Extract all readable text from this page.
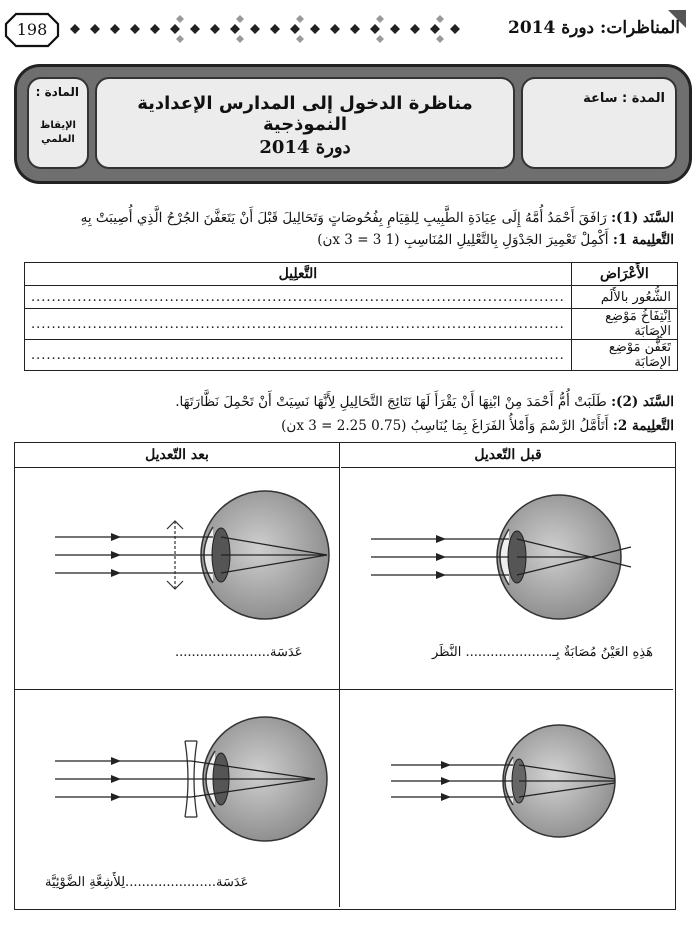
198	المناظرات: دورة 2014
المادة :
الإيقاظ العلمي
مناظرة الدخول إلى المدارس الإعدادية النموذجية
دورة 2014
المدة : ساعة
السَّنَد (1): رَافَقَ أَحْمَدُ أُمَّهُ إِلَى عِيَادَةِ الطَّبِيبِ لِلقِيَامِ بِفُحُوصَاتٍ وَتَحَالِيلَ قَبْلَ أَنْ يَتَعَفَّنَ الجُرْحُ الَّذِي أُصِيبَتْ بِهِ
التَّعلِيمة 1: أَكْمِلْ تَعْمِيرَ الجَدْوَلِ بِالتَّعْلِيلِ المُنَاسِبِ (1 x 3 = 3ن)
الأَعْرَاض	التَّعلِيل
الشُّعُور بالأَلَم	........................................................................................................
اِنْتِفَاخُ مَوْضِع الإصَابَة	........................................................................................................
تَعَفُّن مَوْضِع الإصَابَة	........................................................................................................
السَّنَد (2): طَلَبَتْ أُمُّ أَحْمَدَ مِنْ ابْنِهَا أَنْ يَقْرَأَ لَهَا نَتَائِجَ التَّحَالِيلِ لِأَنَّهَا نَسِيَتْ أَنْ تَحْمِلَ نَظَّارَتَهَا.
التَّعلِيمة 2: أَتَأَمَّلُ الرَّسْمَ وَأَمْلأُ الفَرَاغَ بِمَا يُنَاسِبُ (0.75 x 3 = 2.25ن)
قبل التّعديل
بعد التّعديل
هَذِهِ العَيْنُ مُصَابَةٌ بِـ..................... النَّظَر
عَدَسَة.......................
عَدَسَة......................لِلأَشِعَّةِ الضَّوْئِيَّة
